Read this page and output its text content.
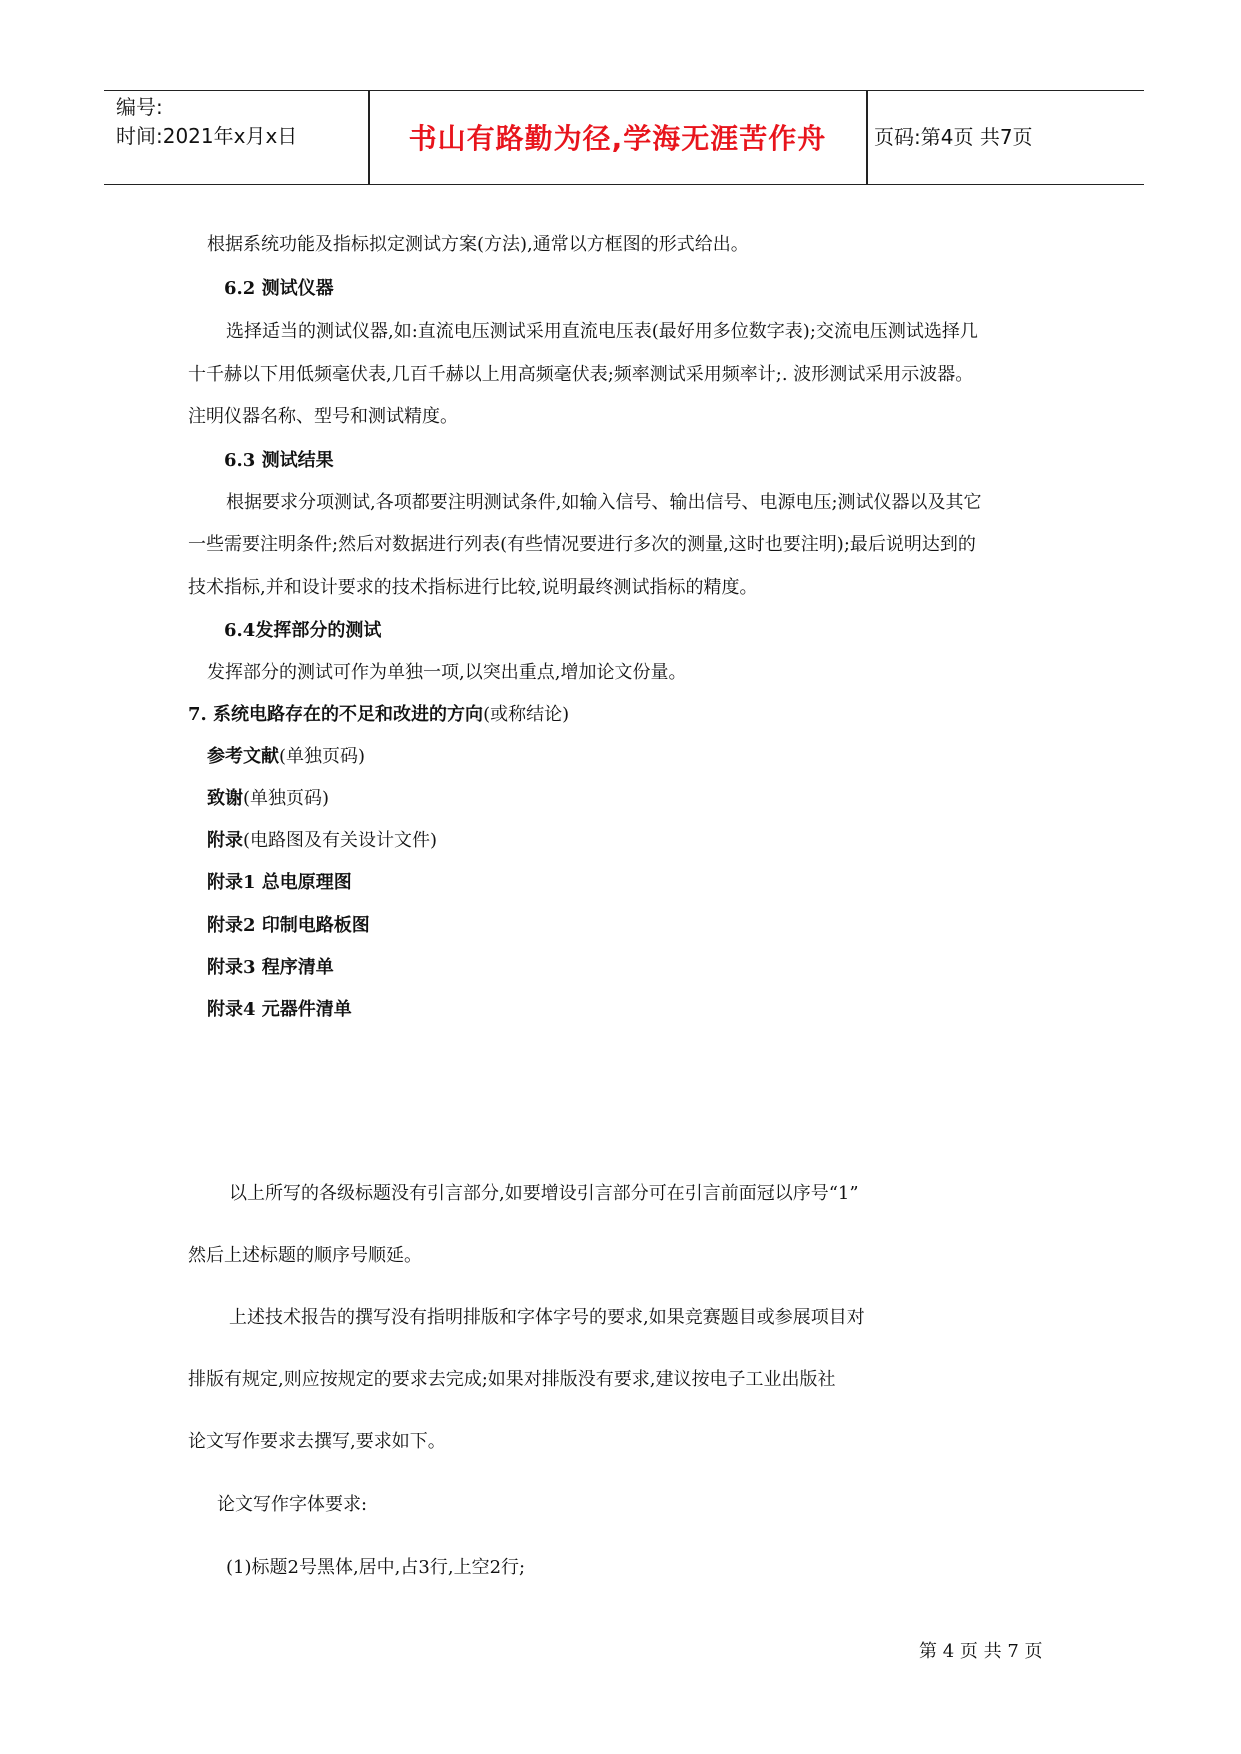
编号:
时间:2021年x月x日	书山有路勤为径,学海无涯苦作舟	页码:第4页 共7页
根据系统功能及指标拟定测试方案(方法),通常以方框图的形式给出。
6.2 测试仪器
选择适当的测试仪器,如:直流电压测试采用直流电压表(最好用多位数字表);交流电压测试选择几
十千赫以下用低频毫伏表,几百千赫以上用高频毫伏表;频率测试采用频率计;. 波形测试采用示波器。
注明仪器名称、型号和测试精度。
6.3 测试结果
根据要求分项测试,各项都要注明测试条件,如输入信号、输出信号、电源电压;测试仪器以及其它
一些需要注明条件;然后对数据进行列表(有些情况要进行多次的测量,这时也要注明);最后说明达到的
技术指标,并和设计要求的技术指标进行比较,说明最终测试指标的精度。
6.4发挥部分的测试
发挥部分的测试可作为单独一项,以突出重点,增加论文份量。
7. 系统电路存在的不足和改进的方向(或称结论)
参考文献(单独页码)
致谢(单独页码)
附录(电路图及有关设计文件)
附录1 总电原理图
附录2 印制电路板图
附录3 程序清单
附录4 元器件清单
以上所写的各级标题没有引言部分,如要增设引言部分可在引言前面冠以序号“1”
然后上述标题的顺序号顺延。
上述技术报告的撰写没有指明排版和字体字号的要求,如果竞赛题目或参展项目对
排版有规定,则应按规定的要求去完成;如果对排版没有要求,建议按电子工业出版社
论文写作要求去撰写,要求如下。
论文写作字体要求:
(1)标题2号黑体,居中,占3行,上空2行;
第 4 页 共 7 页
